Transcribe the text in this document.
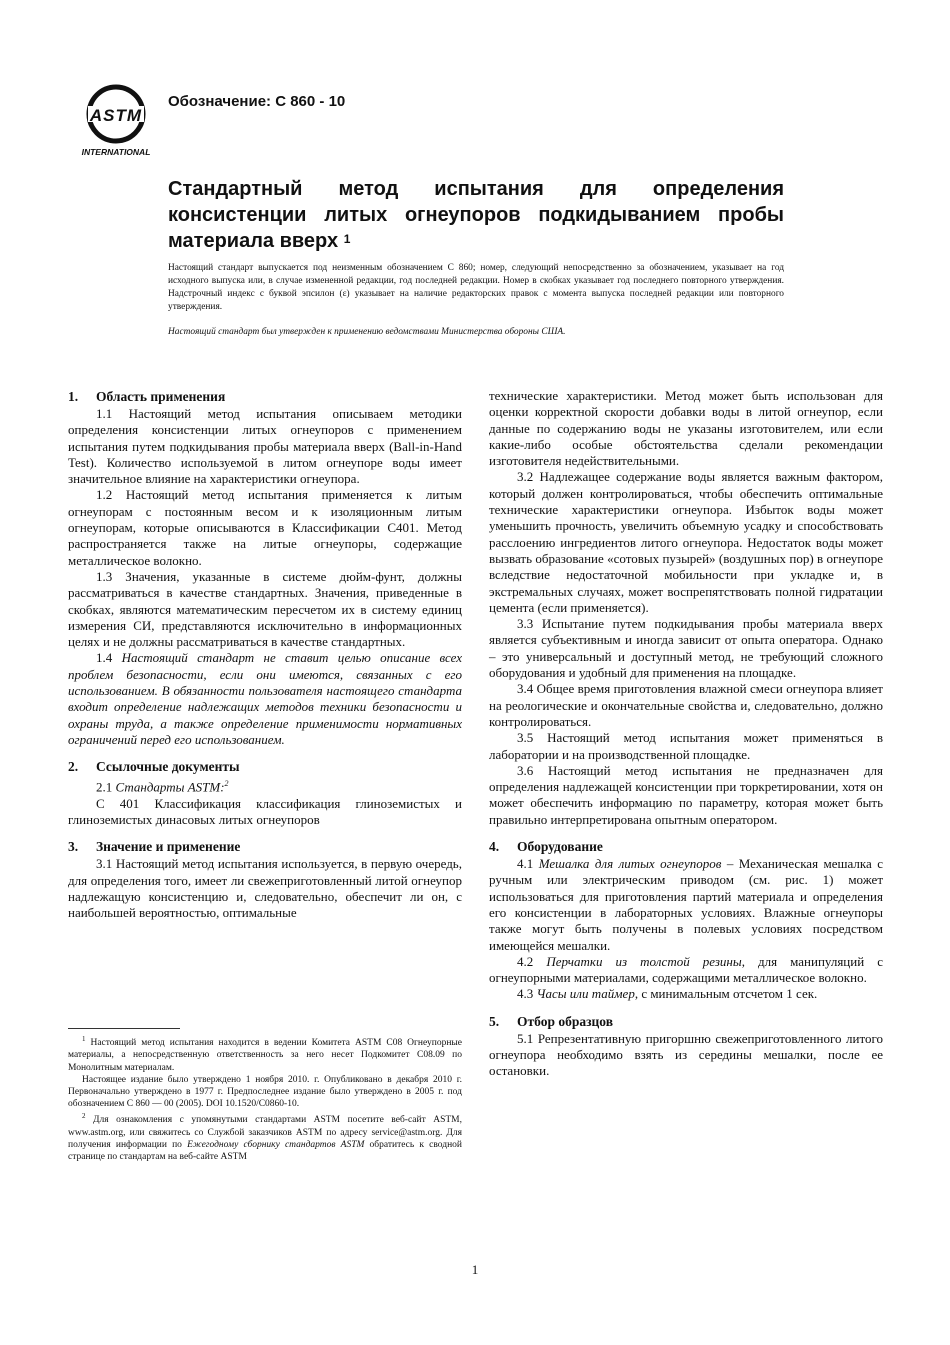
ASTM
INTERNATIONAL
Обозначение: С 860 - 10
Стандартный метод испытания для определения консистенции литых огнеупоров подкидыванием пробы материала вверх $^1$
Настоящий стандарт выпускается под неизменным обозначением С 860; номер, следующий непосредственно за обозначением, указывает на год исходного выпуска или, в случае измененной редакции, год последней редакции. Номер в скобках указывает год последнего повторного утверждения. Надстрочный индекс с буквой эпсилон (ε) указывает на наличие редакторских правок с момента выпуска последней редакции или повторного утверждения.
Настоящий стандарт был утвержден к применению ведомствами Министерства обороны США.
1. Область применения

1.1 Настоящий метод испытания описываем методики определения консистенции литых огнеупоров с применением испытания путем подкидывания пробы материала вверх (Ball-in-Hand Test). Количество используемой в литом огнеупоре воды имеет значительное влияние на характеристики огнеупора.

1.2 Настоящий метод испытания применяется к литым огнеупорам с постоянным весом и к изоляционным литым огнеупорам, которые описываются в Классификации С401. Метод распространяется также на литые огнеупоры, содержащие металлическое волокно.

1.3 Значения, указанные в системе дюйм-фунт, должны рассматриваться в качестве стандартных. Значения, приведенные в скобках, являются математическим пересчетом их в систему единиц измерения СИ, представляются исключительно в информационных целях и не должны рассматриваться в качестве стандартных.

1.4 Настоящий стандарт не ставит целью описание всех проблем безопасности, если они имеются, связанных с его использованием. В обязанности пользователя настоящего стандарта входит определение надлежащих методов техники безопасности и охраны труда, а также определение применимости нормативных ограничений перед его использованием.

2. Ссылочные документы

2.1 Стандарты ASTM:$^2$

С 401 Классификация классификация глиноземистых и глиноземистых динасовых литых огнеупоров

3. Значение и применение

3.1 Настоящий метод испытания используется, в первую очередь, для определения того, имеет ли свежеприготовленный литой огнеупор надлежащую консистенцию и, следовательно, обеспечит ли он, с наибольшей вероятностью, оптимальные

технические характеристики. Метод может быть использован для оценки корректной скорости добавки воды в литой огнеупор, если данные по содержанию воды не указаны изготовителем, или если какие-либо особые обстоятельства сделали рекомендации изготовителя недействительными.

3.2 Надлежащее содержание воды является важным фактором, который должен контролироваться, чтобы обеспечить оптимальные технические характеристики огнеупора. Избыток воды может уменьшить прочность, увеличить объемную усадку и способствовать расслоению ингредиентов литого огнеупора. Недостаток воды может вызвать образование «сотовых пузырей» (воздушных пор) в огнеупоре вследствие недостаточной мобильности при укладке и, в экстремальных случаях, может воспрепятствовать полной гидратации цемента (если применяется).

3.3 Испытание путем подкидывания пробы материала вверх является субъективным и иногда зависит от опыта оператора. Однако – это универсальный и доступный метод, не требующий сложного оборудования и удобный для применения на площадке.

3.4 Общее время приготовления влажной смеси огнеупора влияет на реологические и окончательные свойства и, следовательно, должно контролироваться.

3.5 Настоящий метод испытания может применяться в лаборатории и на производственной площадке.

3.6 Настоящий метод испытания не предназначен для определения надлежащей консистенции при торкретировании, хотя он может обеспечить информацию по параметру, которая может быть правильно интерпретирована опытным оператором.

4. Оборудование

4.1 Мешалка для литых огнеупоров – Механическая мешалка с ручным или электрическим приводом (см. рис. 1) может использоваться для приготовления партий материала и определения его консистенции в лабораторных условиях. Влажные огнеупоры также могут быть получены в полевых условиях посредством имеющейся мешалки.

4.2 Перчатки из толстой резины, для манипуляций с огнеупорными материалами, содержащими металлическое волокно.

4.3 Часы или таймер, с минимальным отсчетом 1 сек.

5. Отбор образцов

5.1 Репрезентативную пригоршню свежеприготовленного литого огнеупора необходимо взять из середины мешалки, после ее остановки.

$^1$ Настоящий метод испытания находится в ведении Комитета ASTM С08 Огнеупорные материалы, а непосредственную ответственность за него несет Подкомитет С08.09 по Монолитным материалам.

Настоящее издание было утверждено 1 ноября 2010. г. Опубликовано в декабря 2010 г. Первоначально утверждено в 1977 г. Предпоследнее издание было утверждено в 2005 г. под обозначением С 860 — 00 (2005). DOI 10.1520/C0860-10.

$^2$ Для ознакомления с упомянутыми стандартами ASTM посетите веб-сайт ASTM, www.astm.org, или свяжитесь со Службой заказчиков ASTM по адресу service@astm.org. Для получения информации по Ежегодному сборнику стандартов ASTM обратитесь к сводной странице по стандартам на веб-сайте ASTM

1
